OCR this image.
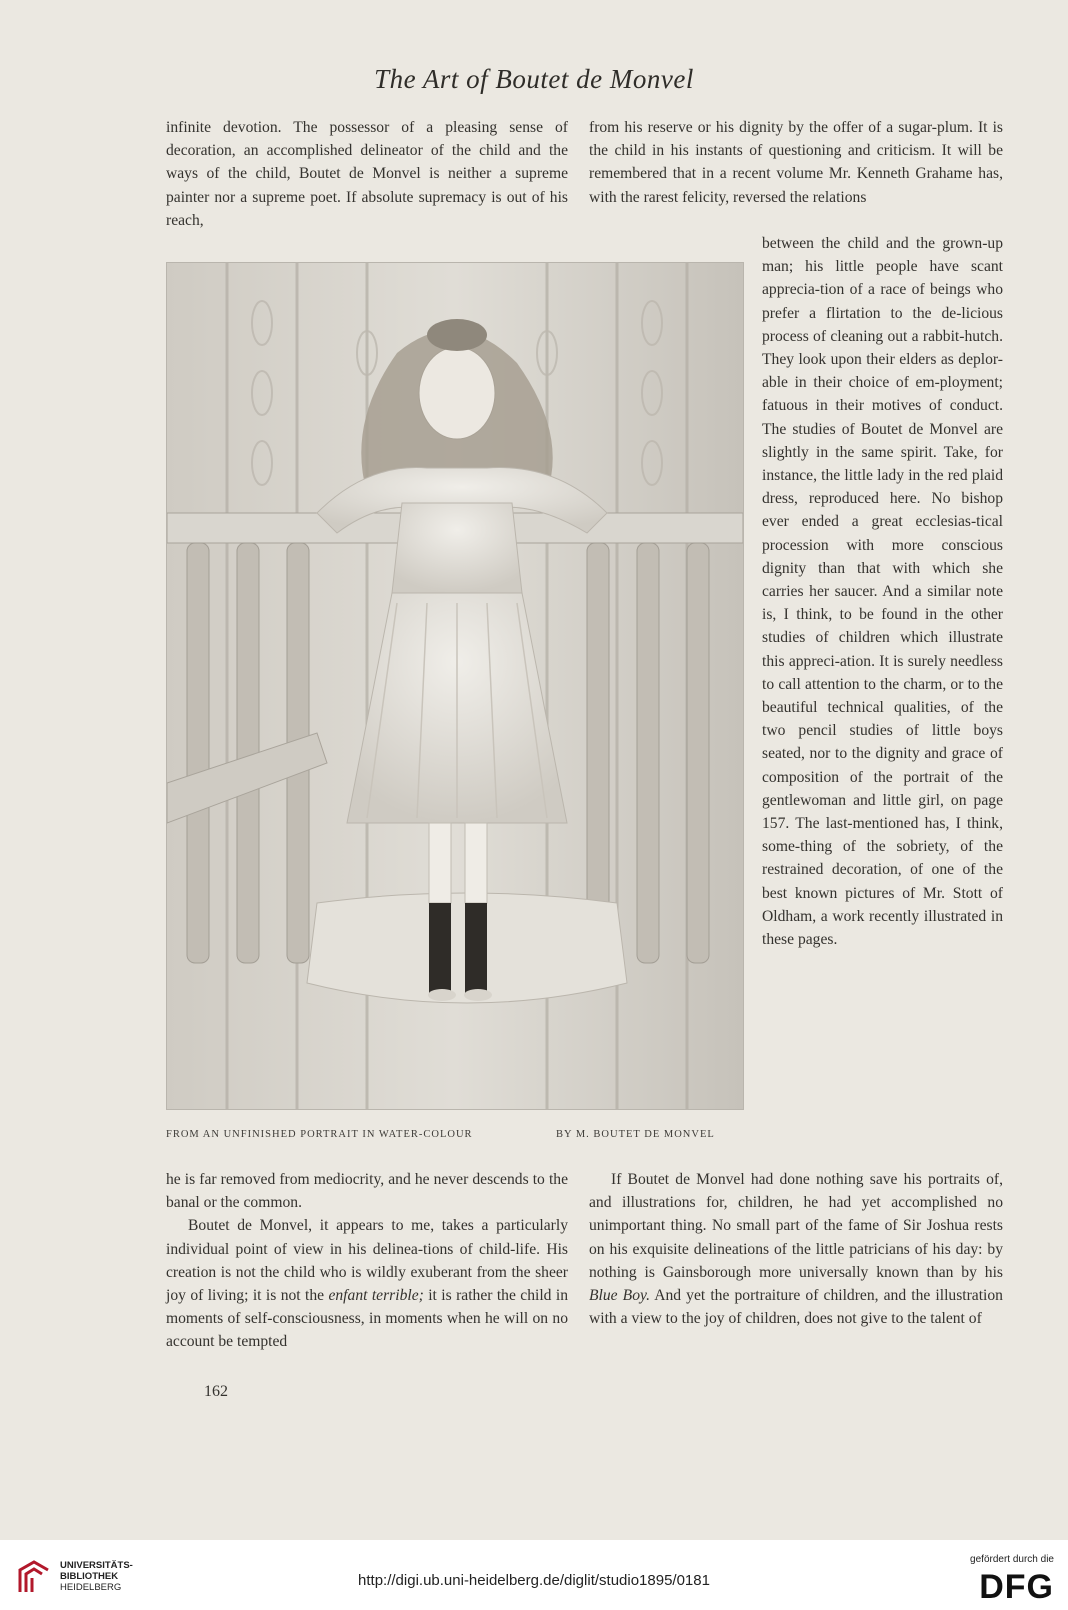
The Art of Boutet de Monvel

infinite devotion. The possessor of a pleasing sense of decoration, an accomplished delineator of the child and the ways of the child, Boutet de Monvel is neither a supreme painter nor a supreme poet. If absolute supremacy is out of his reach,

from his reserve or his dignity by the offer of a sugar-plum. It is the child in his instants of questioning and criticism. It will be remembered that in a recent volume Mr. Kenneth Grahame has, with the rarest felicity, reversed the relations

between the child and the grown-up man; his little people have scant apprecia-tion of a race of beings who prefer a flirtation to the de-licious process of cleaning out a rabbit-hutch. They look upon their elders as deplor-able in their choice of em-ployment; fatuous in their motives of conduct. The studies of Boutet de Monvel are slightly in the same spirit. Take, for instance, the little lady in the red plaid dress, reproduced here. No bishop ever ended a great ecclesias-tical procession with more conscious dignity than that with which she carries her saucer. And a similar note is, I think, to be found in the other studies of children which illustrate this appreci-ation. It is surely needless to call attention to the charm, or to the beautiful technical qualities, of the two pencil studies of little boys seated, nor to the dignity and grace of composition of the portrait of the gentlewoman and little girl, on page 157. The last-mentioned has, I think, some-thing of the sobriety, of the restrained decoration, of one of the best known pictures of Mr. Stott of Oldham, a work recently illustrated in these pages.

FROM AN UNFINISHED PORTRAIT IN WATER-COLOUR	BY M. BOUTET DE MONVEL

he is far removed from mediocrity, and he never descends to the banal or the common.

Boutet de Monvel, it appears to me, takes a particularly individual point of view in his delinea-tions of child-life. His creation is not the child who is wildly exuberant from the sheer joy of living; it is not the enfant terrible; it is rather the child in moments of self-consciousness, in moments when he will on no account be tempted

If Boutet de Monvel had done nothing save his portraits of, and illustrations for, children, he had yet accomplished no unimportant thing. No small part of the fame of Sir Joshua rests on his exquisite delineations of the little patricians of his day: by nothing is Gainsborough more universally known than by his Blue Boy. And yet the portraiture of children, and the illustration with a view to the joy of children, does not give to the talent of

162
UNIVERSITÄTS-
BIBLIOTHEK
HEIDELBERG	http://digi.ub.uni-heidelberg.de/diglit/studio1895/0181
gefördert durch die
DFG
